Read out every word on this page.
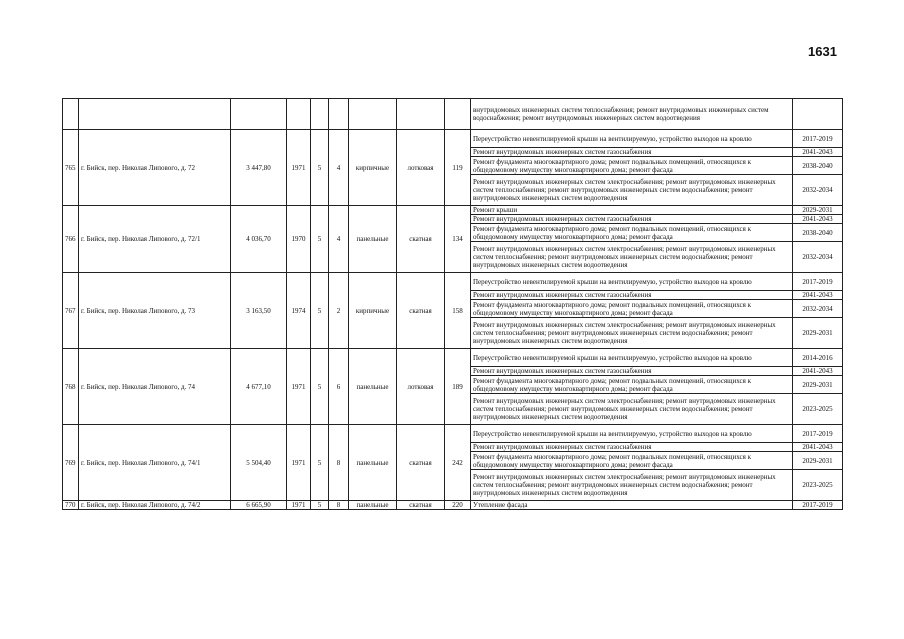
1631
									внутридомовых инженерных систем теплоснабжения; ремонт внутридомовых инженерных систем водоснабжения; ремонт внутридомовых инженерных систем водоотведения	
765	г. Бийск, пер. Николая Липового, д. 72	3 447,80	1971	5	4	кирпичные	лотковая	119	Переустройство невентилируемой крыши на вентилируемую, устройство выходов на кровлю	2017-2019
									Ремонт внутридомовых инженерных систем газоснабжения	2041-2043
									Ремонт фундамента многоквартирного дома; ремонт подвальных помещений, относящихся к общедомовому имуществу многоквартирного дома; ремонт фасада	2038-2040
									Ремонт внутридомовых инженерных систем электроснабжения; ремонт внутридомовых инженерных систем теплоснабжения; ремонт внутридомовых инженерных систем водоснабжения; ремонт внутридомовых инженерных систем водоотведения	2032-2034
766	г. Бийск, пер. Николая Липового, д. 72/1	4 036,70	1970	5	4	панельные	скатная	134	Ремонт крыши	2029-2031
									Ремонт внутридомовых инженерных систем газоснабжения	2041-2043
									Ремонт фундамента многоквартирного дома; ремонт подвальных помещений, относящихся к общедомовому имуществу многоквартирного дома; ремонт фасада	2038-2040
									Ремонт внутридомовых инженерных систем электроснабжения; ремонт внутридомовых инженерных систем теплоснабжения; ремонт внутридомовых инженерных систем водоснабжения; ремонт внутридомовых инженерных систем водоотведения	2032-2034
767	г. Бийск, пер. Николая Липового, д. 73	3 163,50	1974	5	2	кирпичные	скатная	158	Переустройство невентилируемой крыши на вентилируемую, устройство выходов на кровлю	2017-2019
									Ремонт внутридомовых инженерных систем газоснабжения	2041-2043
									Ремонт фундамента многоквартирного дома; ремонт подвальных помещений, относящихся к общедомовому имуществу многоквартирного дома; ремонт фасада	2032-2034
									Ремонт внутридомовых инженерных систем электроснабжения; ремонт внутридомовых инженерных систем теплоснабжения; ремонт внутридомовых инженерных систем водоснабжения; ремонт внутридомовых инженерных систем водоотведения	2029-2031
768	г. Бийск, пер. Николая Липового, д. 74	4 677,10	1971	5	6	панельные	лотковая	189	Переустройство невентилируемой крыши на вентилируемую, устройство выходов на кровлю	2014-2016
									Ремонт внутридомовых инженерных систем газоснабжения	2041-2043
									Ремонт фундамента многоквартирного дома; ремонт подвальных помещений, относящихся к общедомовому имуществу многоквартирного дома; ремонт фасада	2029-2031
									Ремонт внутридомовых инженерных систем электроснабжения; ремонт внутридомовых инженерных систем теплоснабжения; ремонт внутридомовых инженерных систем водоснабжения; ремонт внутридомовых инженерных систем водоотведения	2023-2025
769	г. Бийск, пер. Николая Липового, д. 74/1	5 504,40	1971	5	8	панельные	скатная	242	Переустройство невентилируемой крыши на вентилируемую, устройство выходов на кровлю	2017-2019
									Ремонт внутридомовых инженерных систем газоснабжения	2041-2043
									Ремонт фундамента многоквартирного дома; ремонт подвальных помещений, относящихся к общедомовому имуществу многоквартирного дома; ремонт фасада	2029-2031
									Ремонт внутридомовых инженерных систем электроснабжения; ремонт внутридомовых инженерных систем теплоснабжения; ремонт внутридомовых инженерных систем водоснабжения; ремонт внутридомовых инженерных систем водоотведения	2023-2025
770	г. Бийск, пер. Николая Липового, д. 74/2	6 665,90	1971	5	8	панельные	скатная	220	Утепление фасада	2017-2019
